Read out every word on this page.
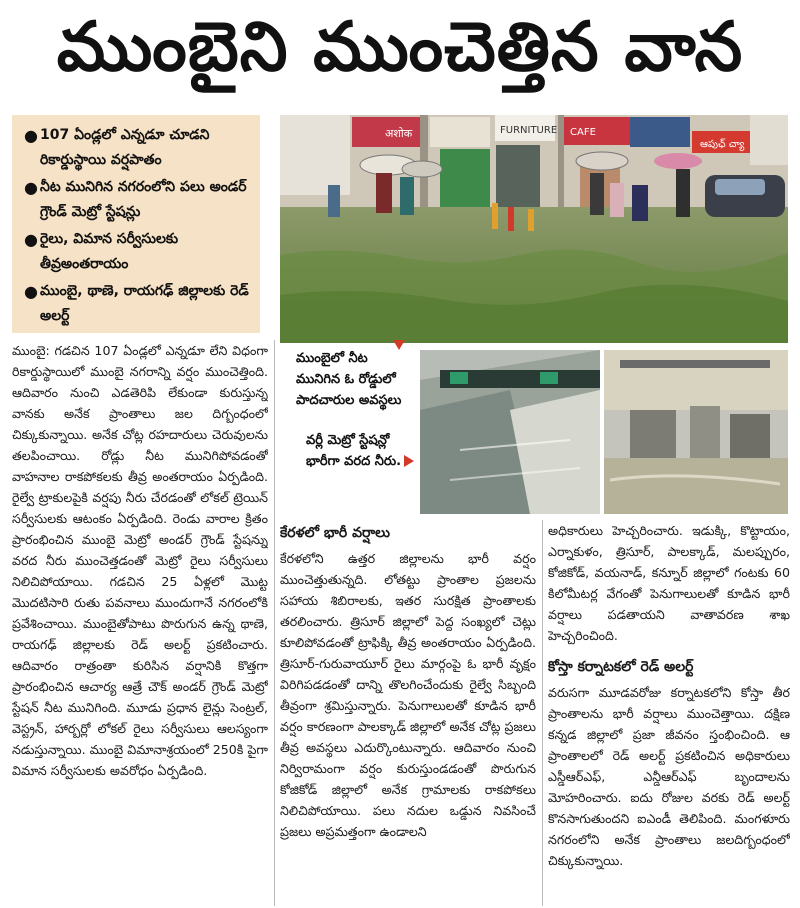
ముంబైని ముంచెత్తిన వాన
● 107 ఏండ్లలో ఎన్నడూ చూడని రికార్డుస్థాయి వర్షపాతం
● నీట మునిగిన నగరంలోని పలు అండర్ గ్రౌండ్ మెట్రో స్టేషన్లు
● రైలు, విమాన సర్వీసులకు తీవ్రఅంతరాయం
● ముంబై, థాణె, రాయగఢ్ జిల్లాలకు రెడ్ అలర్ట్
अशोक	FURNITURE CAFE
ఆపుఛ్ చ్యా
ముంబైలో నీట మునిగిన ఓ రోడ్డులో పాదచారుల అవస్థలు
వర్లీ మెట్రో స్టేషన్లో భారీగా వరద నీరు.

ముంబై: గడచిన 107 ఏండ్లలో ఎన్నడూ లేని విధంగా రికార్డుస్థాయిలో ముంబై నగరాన్ని వర్షం ముంచెత్తింది. ఆదివారం నుంచి ఎడతెరిపి లేకుండా కురుస్తున్న వానకు అనేక ప్రాంతాలు జల దిగ్బంధంలో చిక్కుకున్నాయి. అనేక చోట్ల రహదారులు చెరువులను తలపించాయి. రోడ్లు నీట మునిగిపోవడంతో వాహనాల రాకపోకలకు తీవ్ర అంతరాయం ఏర్పడింది. రైల్వే ట్రాకులపైకి వర్షపు నీరు చేరడంతో లోకల్ ట్రెయిన్ సర్వీసులకు ఆటంకం ఏర్పడింది. రెండు వారాల క్రితం ప్రారంభించిన ముంబై మెట్రో అండర్ గ్రౌండ్ స్టేషన్ను వరద నీరు ముంచెత్తడంతో మెట్రో రైలు సర్వీసులు నిలిచిపోయాయి. గడచిన 25 ఏళ్లలో మొట్ట మొదటిసారి రుతు పవనాలు ముందుగానే నగరంలోకి ప్రవేశించాయి. ముంబైతోపాటు పొరుగున ఉన్న థాణె, రాయగఢ్ జిల్లాలకు రెడ్ అలర్ట్ ప్రకటించారు. ఆదివారం రాత్రంతా కురిసిన వర్షానికి కొత్తగా ప్రారంభించిన ఆచార్య ఆత్రే చౌక్ అండర్ గ్రౌండ్ మెట్రో స్టేషన్ నీట మునిగింది. మూడు ప్రధాన లైన్లు సెంట్రల్, వెస్ట్రన్, హార్బర్లో లోకల్ రైలు సర్వీసులు ఆలస్యంగా నడుస్తున్నాయి. ముంబై విమానాశ్రయంలో 250కి పైగా విమాన సర్వీసులకు అవరోధం ఏర్పడింది.

కేరళలో భారీ వర్షాలు

కేరళలోని ఉత్తర జిల్లాలను భారీ వర్షం ముంచెత్తుతున్నది. లోతట్టు ప్రాంతాల ప్రజలను సహాయ శిబిరాలకు, ఇతర సురక్షిత ప్రాంతాలకు తరలించారు. త్రిసూర్ జిల్లాలో పెద్ద సంఖ్యలో చెట్లు కూలిపోవడంతో ట్రాఫిక్కి తీవ్ర అంతరాయం ఏర్పడింది. త్రిసూర్-గురువాయూర్ రైలు మార్గంపై ఓ భారీ వృక్షం విరిగిపడడంతో దాన్ని తొలగించేందుకు రైల్వే సిబ్బంది తీవ్రంగా శ్రమిస్తున్నారు. పెనుగాలులతో కూడిన భారీ వర్షం కారణంగా పాలక్కాడ్ జిల్లాలో అనేక చోట్ల ప్రజలు తీవ్ర అవస్థలు ఎదుర్కొంటున్నారు. ఆదివారం నుంచి నిర్విరామంగా వర్షం కురుస్తుండడంతో పొరుగున కోజికోడ్ జిల్లాలో అనేక గ్రామాలకు రాకపోకలు నిలిచిపోయాయి. పలు నదుల ఒడ్డున నివసించే ప్రజలు అప్రమత్తంగా ఉండాలని

అధికారులు హెచ్చరించారు. ఇడుక్కి, కొట్టాయం, ఎర్నాకుళం, త్రిసూర్, పాలక్కాడ్, మలప్పురం, కోజికోడ్, వయనాడ్, కన్నూర్ జిల్లాలో గంటకు 60 కిలోమీటర్ల వేగంతో పెనుగాలులతో కూడిన భారీ వర్షాలు పడతాయని వాతావరణ శాఖ హెచ్చరించింది.

కోస్తా కర్నాటకలో రెడ్ అలర్ట్

వరుసగా మూడవరోజు కర్నాటకలోని కోస్తా తీర ప్రాంతాలను భారీ వర్షాలు ముంచెత్తాయి. దక్షిణ కన్నడ జిల్లాలో ప్రజా జీవనం స్తంభించింది. ఆ ప్రాంతాలలో రెడ్ అలర్ట్ ప్రకటించిన అధికారులు ఎస్డీఆర్ఎఫ్, ఎన్డీఆర్ఎఫ్ బృందాలను మోహరించారు. ఐదు రోజుల వరకు రెడ్ అలర్ట్ కొనసాగుతుందని ఐఎండీ తెలిపింది. మంగళూరు నగరంలోని అనేక ప్రాంతాలు జలదిగ్బంధంలో చిక్కుకున్నాయి.
